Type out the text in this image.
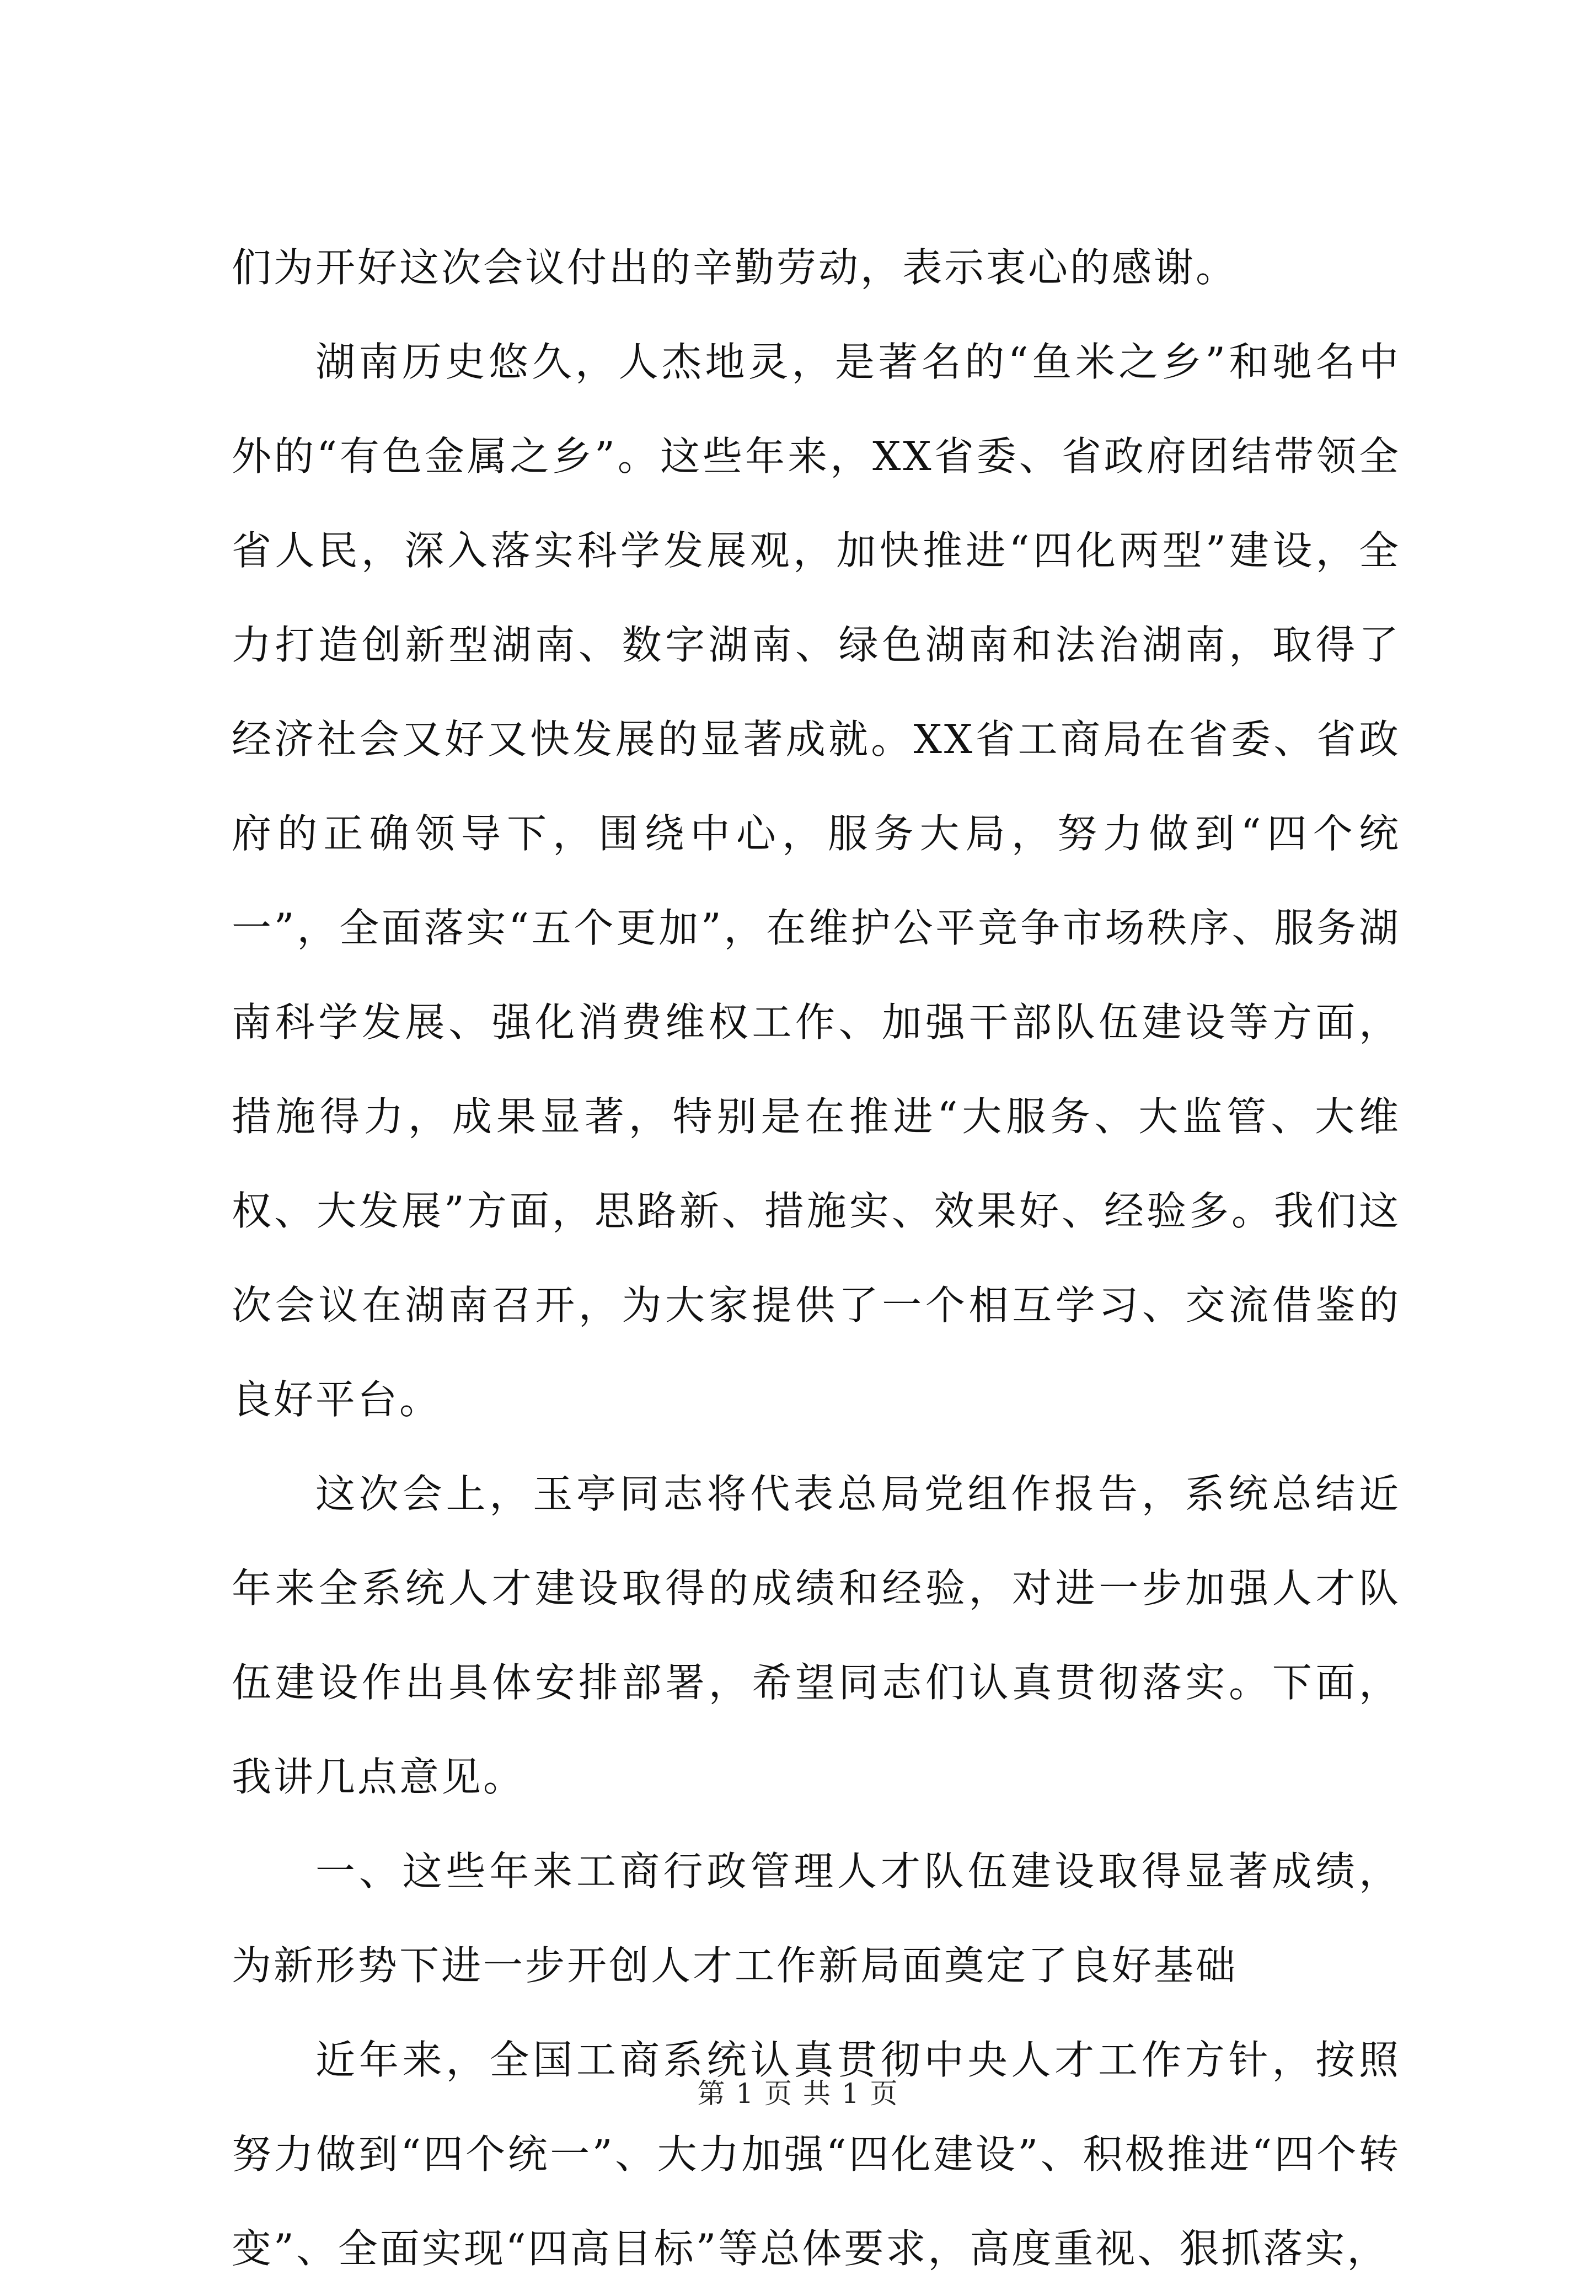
们为开好这次会议付出的辛勤劳动，表示衷心的感谢。

湖南历史悠久，人杰地灵，是著名的“鱼米之乡”和驰名中外的“有色金属之乡”。这些年来，XX省委、省政府团结带领全省人民，深入落实科学发展观，加快推进“四化两型”建设，全力打造创新型湖南、数字湖南、绿色湖南和法治湖南，取得了经济社会又好又快发展的显著成就。XX省工商局在省委、省政府的正确领导下，围绕中心，服务大局，努力做到“四个统一”，全面落实“五个更加”，在维护公平竞争市场秩序、服务湖南科学发展、强化消费维权工作、加强干部队伍建设等方面，措施得力，成果显著，特别是在推进“大服务、大监管、大维权、大发展”方面，思路新、措施实、效果好、经验多。我们这次会议在湖南召开，为大家提供了一个相互学习、交流借鉴的良好平台。

这次会上，玉亭同志将代表总局党组作报告，系统总结近年来全系统人才建设取得的成绩和经验，对进一步加强人才队伍建设作出具体安排部署，希望同志们认真贯彻落实。下面，我讲几点意见。

一、这些年来工商行政管理人才队伍建设取得显著成绩，为新形势下进一步开创人才工作新局面奠定了良好基础

近年来，全国工商系统认真贯彻中央人才工作方针，按照努力做到“四个统一”、大力加强“四化建设”、积极推进“四个转变”、全面实现“四高目标”等总体要求，高度重视、狠抓落实，

第 1 页 共 1 页
